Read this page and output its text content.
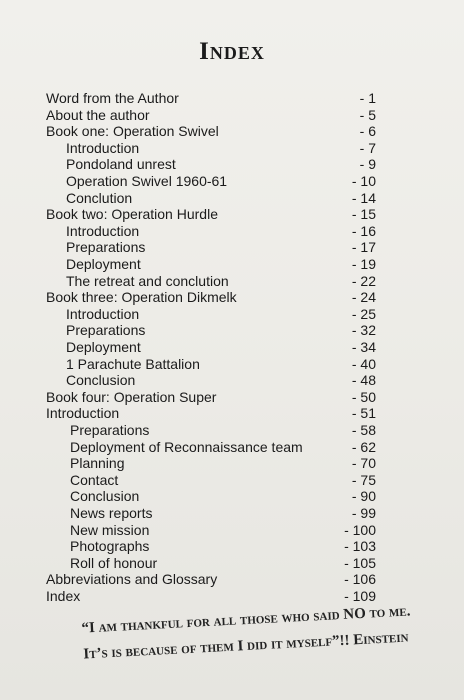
Index
Word from the Author	- 1
About the author	- 5
Book one: Operation Swivel	- 6
Introduction	- 7
Pondoland unrest	- 9
Operation Swivel 1960-61	- 10
Conclution	- 14
Book two: Operation Hurdle	- 15
Introduction	- 16
Preparations	- 17
Deployment	- 19
The retreat and conclution	- 22
Book three: Operation Dikmelk	- 24
Introduction	- 25
Preparations	- 32
Deployment	- 34
1 Parachute Battalion	- 40
Conclusion	- 48
Book four: Operation Super	- 50
Introduction	- 51
Preparations	- 58
Deployment of Reconnaissance team	- 62
Planning	- 70
Contact	- 75
Conclusion	- 90
News reports	- 99
New mission	- 100
Photographs	- 103
Roll of honour	- 105
Abbreviations and Glossary	- 106
Index	- 109
“I am thankful for all those who said NO to me.
It’s is because of them I did it myself”!! Einstein
